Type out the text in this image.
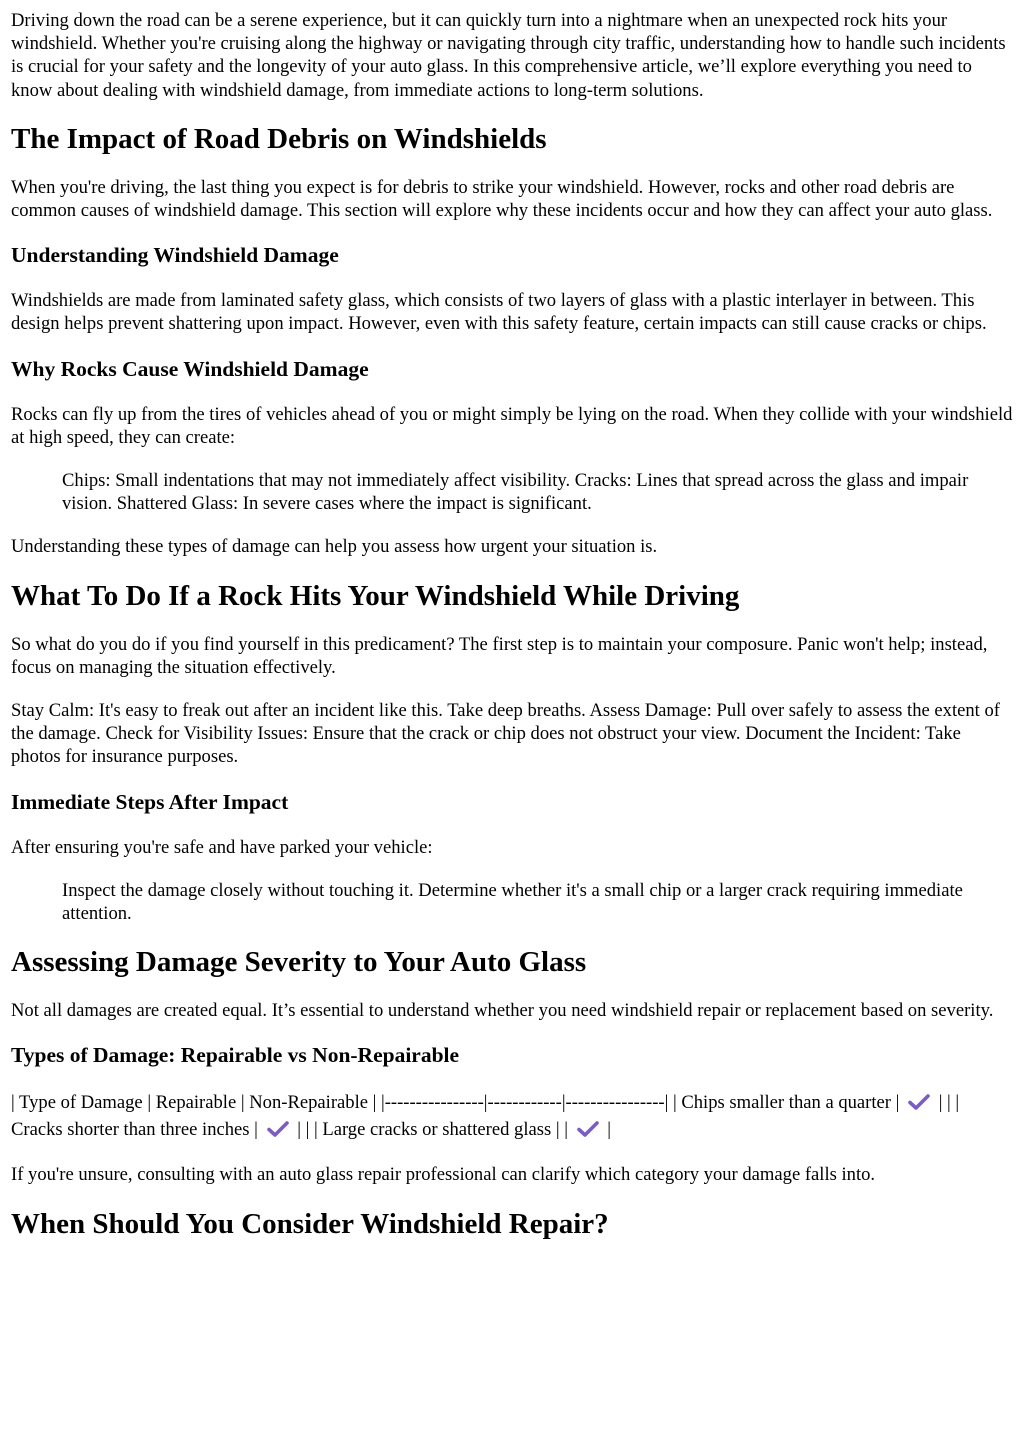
Driving down the road can be a serene experience, but it can quickly turn into a nightmare when an unexpected rock hits your windshield. Whether you're cruising along the highway or navigating through city traffic, understanding how to handle such incidents is crucial for your safety and the longevity of your auto glass. In this comprehensive article, we’ll explore everything you need to know about dealing with windshield damage, from immediate actions to long-term solutions.

The Impact of Road Debris on Windshields

When you're driving, the last thing you expect is for debris to strike your windshield. However, rocks and other road debris are common causes of windshield damage. This section will explore why these incidents occur and how they can affect your auto glass.

Understanding Windshield Damage

Windshields are made from laminated safety glass, which consists of two layers of glass with a plastic interlayer in between. This design helps prevent shattering upon impact. However, even with this safety feature, certain impacts can still cause cracks or chips.

Why Rocks Cause Windshield Damage

Rocks can fly up from the tires of vehicles ahead of you or might simply be lying on the road. When they collide with your windshield at high speed, they can create:

Chips: Small indentations that may not immediately affect visibility. Cracks: Lines that spread across the glass and impair vision. Shattered Glass: In severe cases where the impact is significant.

Understanding these types of damage can help you assess how urgent your situation is.

What To Do If a Rock Hits Your Windshield While Driving

So what do you do if you find yourself in this predicament? The first step is to maintain your composure. Panic won't help; instead, focus on managing the situation effectively.

Stay Calm: It's easy to freak out after an incident like this. Take deep breaths. Assess Damage: Pull over safely to assess the extent of the damage. Check for Visibility Issues: Ensure that the crack or chip does not obstruct your view. Document the Incident: Take photos for insurance purposes.

Immediate Steps After Impact

After ensuring you're safe and have parked your vehicle:

Inspect the damage closely without touching it. Determine whether it's a small chip or a larger crack requiring immediate attention.
Assessing Damage Severity to Your Auto Glass

Not all damages are created equal. It’s essential to understand whether you need windshield repair or replacement based on severity.

Types of Damage: Repairable vs Non-Repairable

| Type of Damage | Repairable | Non-Repairable | |----------------|------------|----------------| | Chips smaller than a quarter | | | | Cracks shorter than three inches | | | | Large cracks or shattered glass | | |

If you're unsure, consulting with an auto glass repair professional can clarify which category your damage falls into.

When Should You Consider Windshield Repair?
